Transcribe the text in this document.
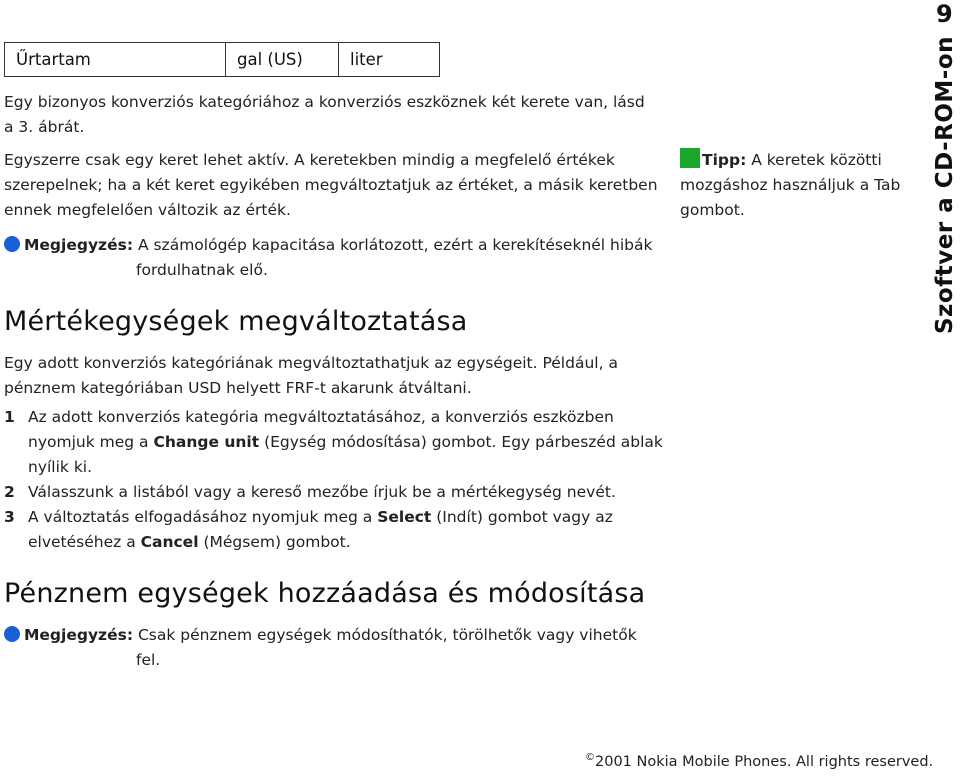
Űrtartam	gal (US)	liter
Egy bizonyos konverziós kategóriához a konverziós eszköznek két kerete van, lásd
a 3. ábrát.
Egyszerre csak egy keret lehet aktív. A keretekben mindig a megfelelő értékek
szerepelnek; ha a két keret egyikében megváltoztatjuk az értéket, a másik keretben
ennek megfelelően változik az érték.
Megjegyzés: A számológép kapacitása korlátozott, ezért a kerekítéseknél hibák
fordulhatnak elő.
Mértékegységek megváltoztatása
Egy adott konverziós kategóriának megváltoztathatjuk az egységeit. Például, a
pénznem kategóriában USD helyett FRF-t akarunk átváltani.
1 Az adott konverziós kategória megváltoztatásához, a konverziós eszközben
nyomjuk meg a Change unit (Egység módosítása) gombot. Egy párbeszéd ablak
nyílik ki.
2 Válasszunk a listából vagy a kereső mezőbe írjuk be a mértékegység nevét.
3 A változtatás elfogadásához nyomjuk meg a Select (Indít) gombot vagy az
elvetéséhez a Cancel (Mégsem) gombot.
Pénznem egységek hozzáadása és módosítása
Megjegyzés: Csak pénznem egységek módosíthatók, törölhetők vagy vihetők
fel.
Tipp: A keretek közötti
mozgáshoz használjuk a Tab
gombot.
9
Szoftver a CD-ROM-on
©2001 Nokia Mobile Phones. All rights reserved.
